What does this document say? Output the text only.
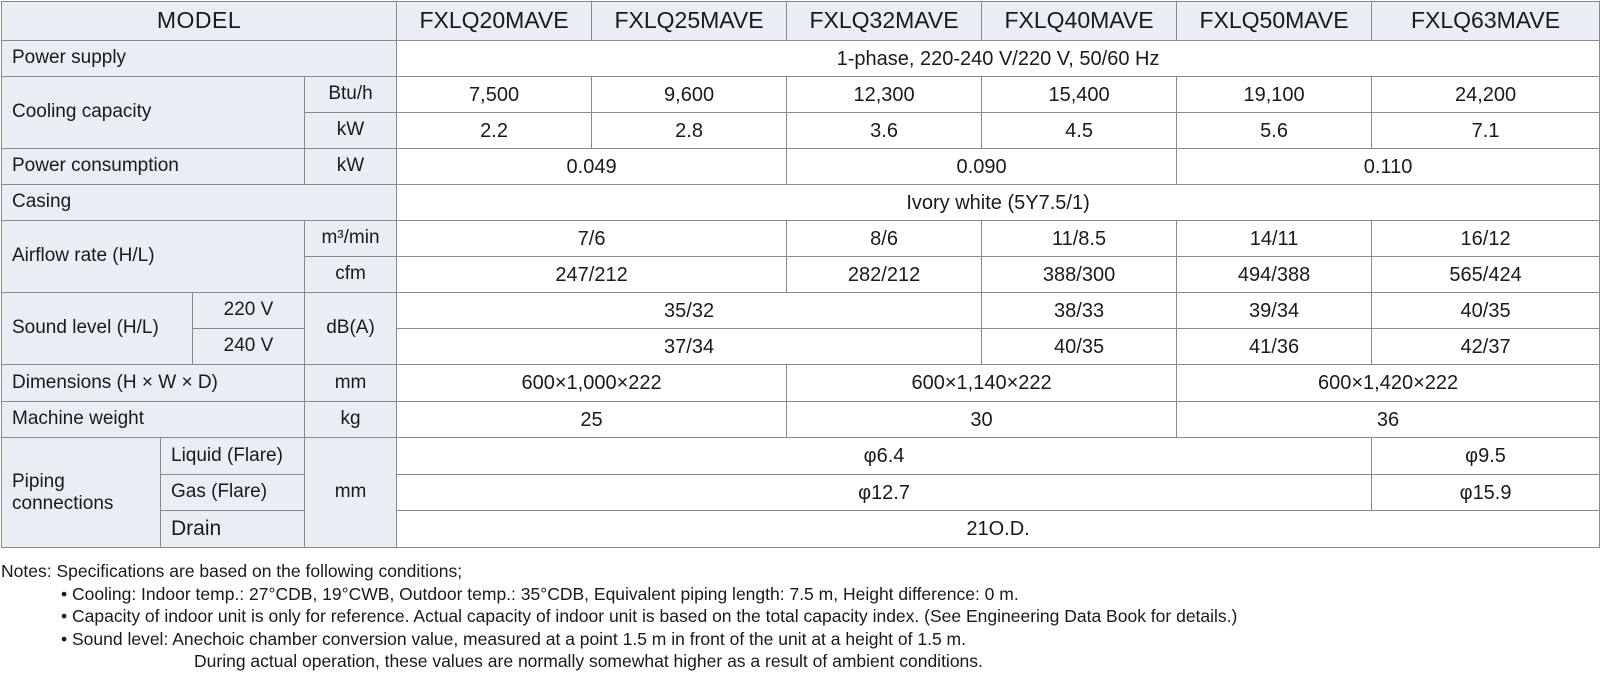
MODEL				FXLQ20MAVE	FXLQ25MAVE	FXLQ32MAVE	FXLQ40MAVE	FXLQ50MAVE	FXLQ63MAVE
Power supply				1-phase, 220-240 V/220 V, 50/60 Hz					
Cooling capacity			Btu/h	7,500	9,600	12,300	15,400	19,100	24,200
			kW	2.2	2.8	3.6	4.5	5.6	7.1
Power consumption			kW	0.049		0.090		0.110	
Casing				Ivory white (5Y7.5/1)					
Airflow rate (H/L)			m³/min	7/6		8/6	11/8.5	14/11	16/12
			cfm	247/212		282/212	388/300	494/388	565/424
Sound level (H/L)		220 V	dB(A)	35/32			38/33	39/34	40/35
		240 V		37/34			40/35	41/36	42/37
Dimensions (H × W × D)			mm	600×1,000×222		600×1,140×222		600×1,420×222	
Machine weight			kg	25		30		36	
Piping connections	Liquid (Flare)		mm	φ6.4					φ9.5
	Gas (Flare)			φ12.7					φ15.9
	Drain			21O.D.					
Notes: Specifications are based on the following conditions;
• Cooling: Indoor temp.: 27°CDB, 19°CWB, Outdoor temp.: 35°CDB, Equivalent piping length: 7.5 m, Height difference: 0 m.
• Capacity of indoor unit is only for reference. Actual capacity of indoor unit is based on the total capacity index. (See Engineering Data Book for details.)
• Sound level: Anechoic chamber conversion value, measured at a point 1.5 m in front of the unit at a height of 1.5 m.
During actual operation, these values are normally somewhat higher as a result of ambient conditions.
